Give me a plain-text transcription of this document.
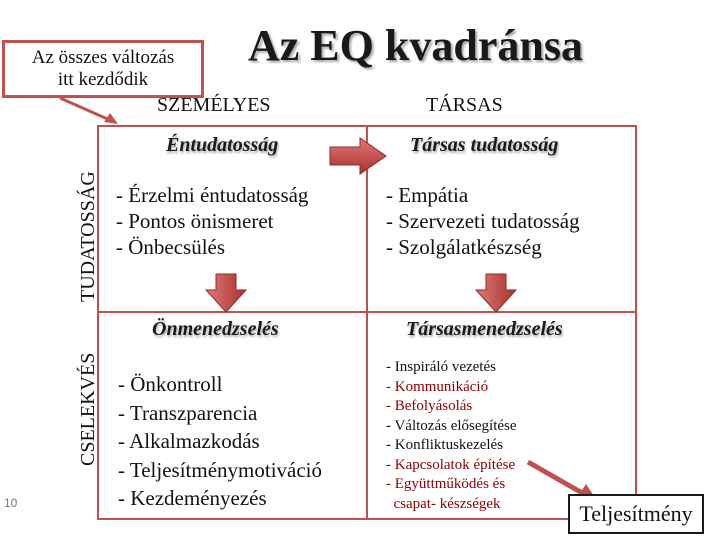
Az EQ kvadránsa
Az összes változás
itt kezdődik
SZEMÉLYES	TÁRSAS
TUDATOSSÁG
CSELEKVÉS
Éntudatosság	Társas tudatosság
Önmenedzselés	Társasmenedzselés
- Érzelmi éntudatosság
- Pontos önismeret
- Önbecsülés
- Empátia
- Szervezeti tudatosság
- Szolgálatkészség
- Önkontroll
- Transzparencia
- Alkalmazkodás
- Teljesítménymotiváció
- Kezdeményezés
- Inspiráló vezetés
- Kommunikáció
- Befolyásolás
- Változás elősegítése
- Konfliktuskezelés
- Kapcsolatok építése
- Együttműködés és
csapat- készségek	Teljesítmény
10
